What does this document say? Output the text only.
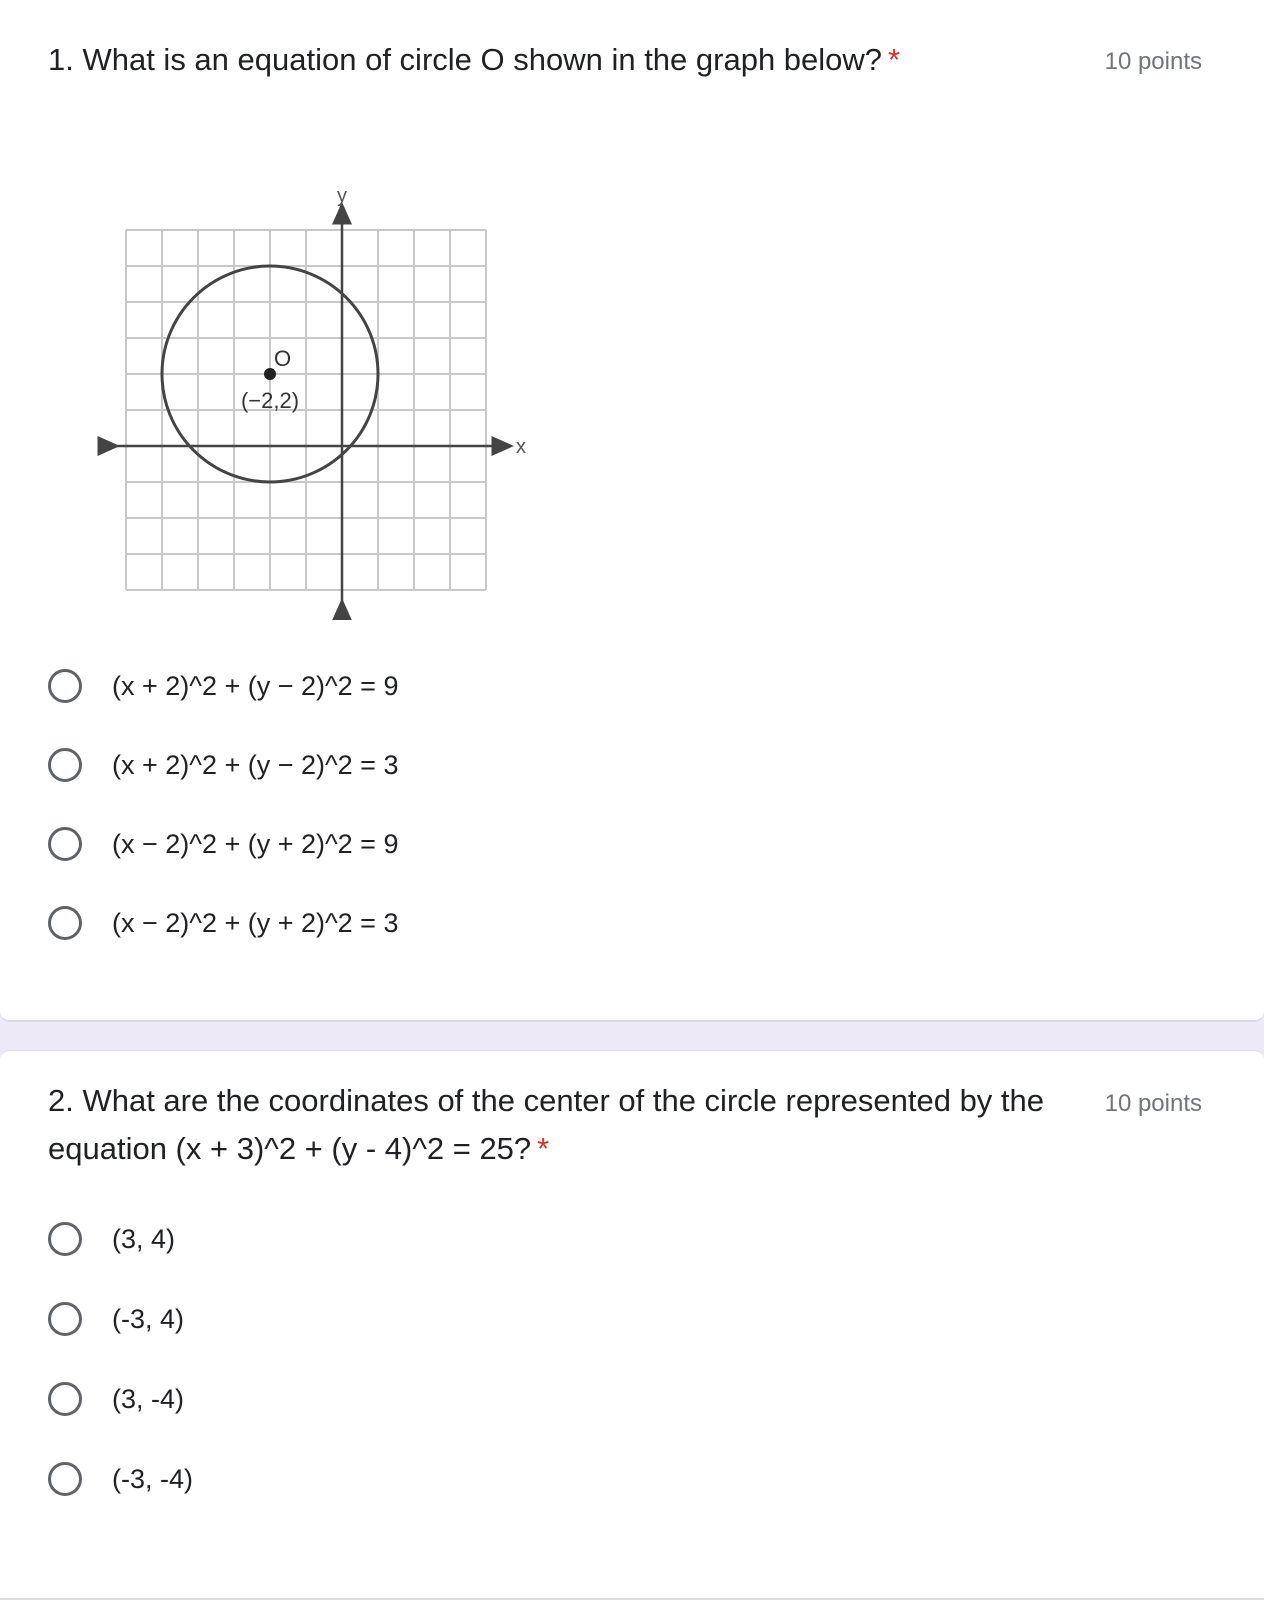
1. What is an equation of circle O shown in the graph below? *	10 points
O
(−2,2)
x
y
(x + 2)^2 + (y − 2)^2 = 9
(x + 2)^2 + (y − 2)^2 = 3
(x − 2)^2 + (y + 2)^2 = 9
(x − 2)^2 + (y + 2)^2 = 3
2. What are the coordinates of the center of the circle represented by the
equation (x + 3)^2 + (y - 4)^2 = 25? *
10 points
(3, 4)
(-3, 4)
(3, -4)
(-3, -4)
